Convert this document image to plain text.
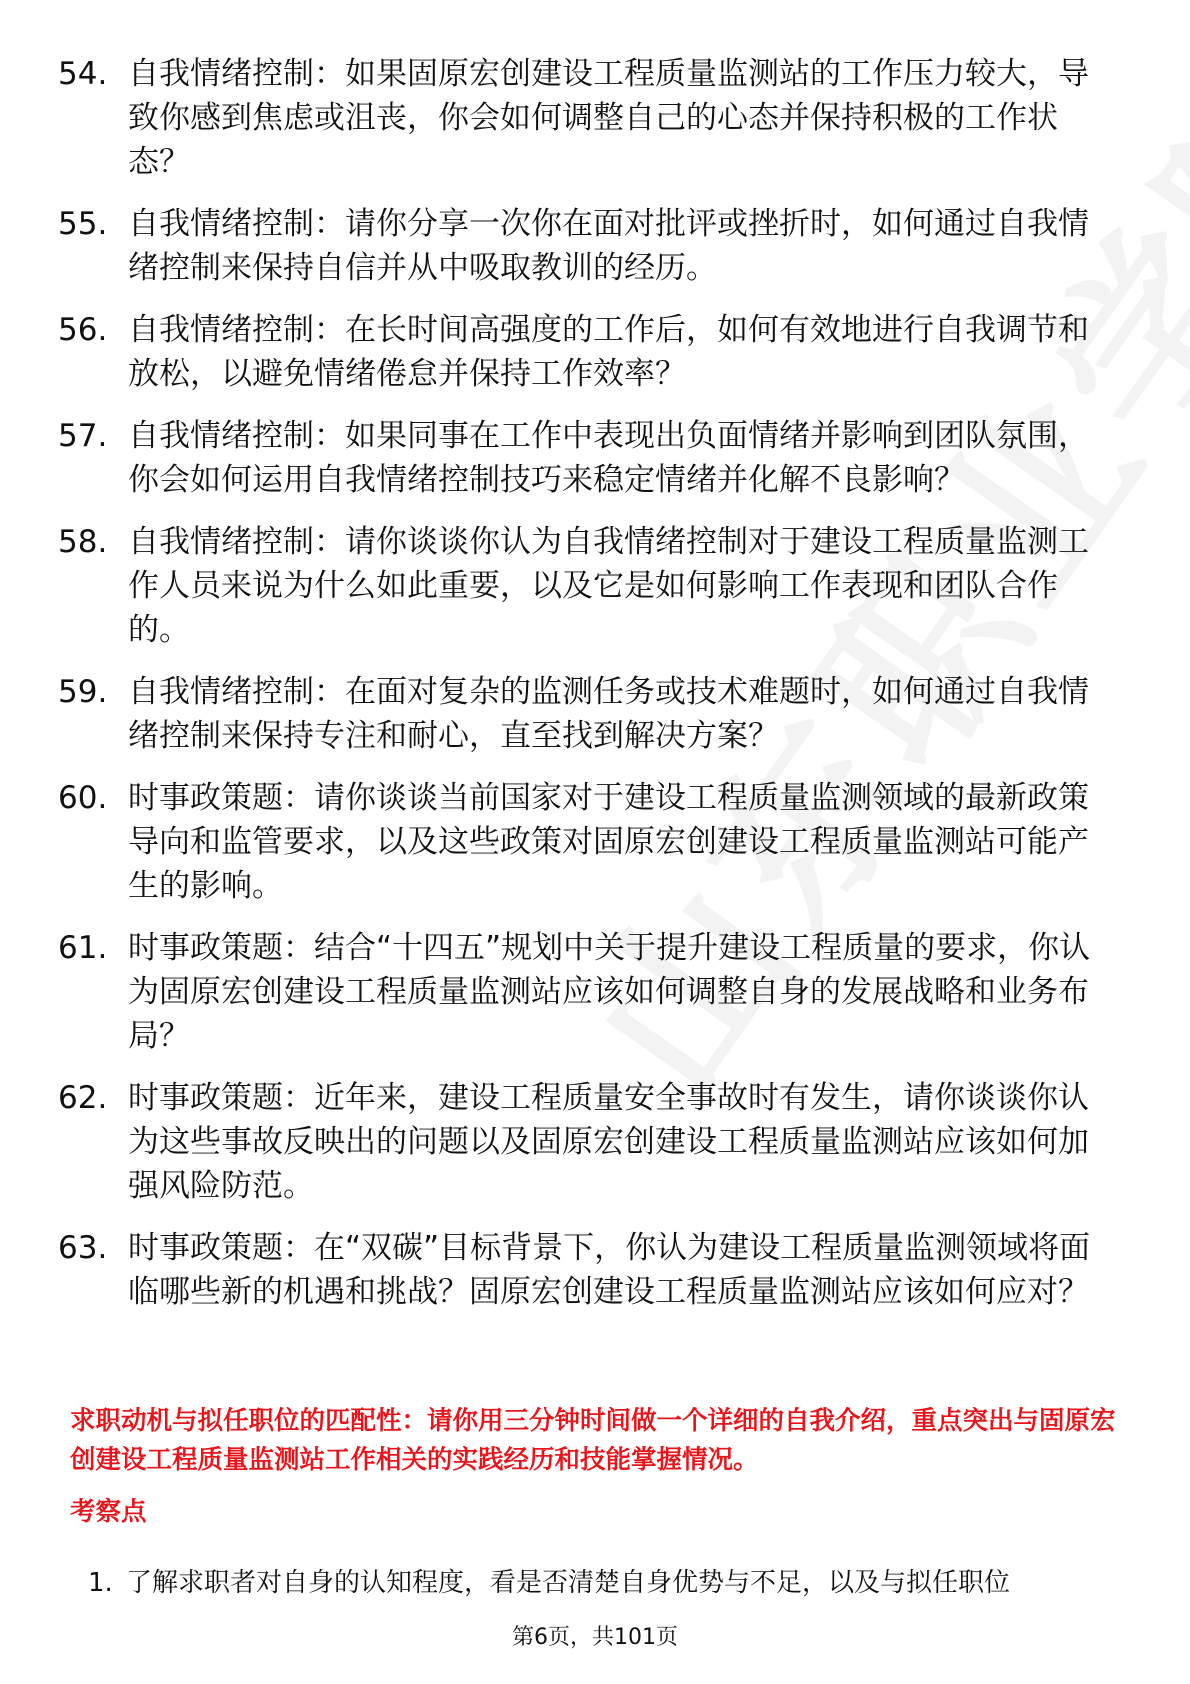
54. 自我情绪控制：如果固原宏创建设工程质量监测站的工作压力较大，导致你感到焦虑或沮丧，你会如何调整自己的心态并保持积极的工作状态？
55. 自我情绪控制：请你分享一次你在面对批评或挫折时，如何通过自我情绪控制来保持自信并从中吸取教训的经历。
56. 自我情绪控制：在长时间高强度的工作后，如何有效地进行自我调节和放松，以避免情绪倦怠并保持工作效率？
57. 自我情绪控制：如果同事在工作中表现出负面情绪并影响到团队氛围，你会如何运用自我情绪控制技巧来稳定情绪并化解不良影响？
58. 自我情绪控制：请你谈谈你认为自我情绪控制对于建设工程质量监测工作人员来说为什么如此重要，以及它是如何影响工作表现和团队合作的。
59. 自我情绪控制：在面对复杂的监测任务或技术难题时，如何通过自我情绪控制来保持专注和耐心，直至找到解决方案？
60. 时事政策题：请你谈谈当前国家对于建设工程质量监测领域的最新政策导向和监管要求，以及这些政策对固原宏创建设工程质量监测站可能产生的影响。
61. 时事政策题：结合“十四五”规划中关于提升建设工程质量的要求，你认为固原宏创建设工程质量监测站应该如何调整自身的发展战略和业务布局？
62. 时事政策题：近年来，建设工程质量安全事故时有发生，请你谈谈你认为这些事故反映出的问题以及固原宏创建设工程质量监测站应该如何加强风险防范。
63. 时事政策题：在“双碳”目标背景下，你认为建设工程质量监测领域将面临哪些新的机遇和挑战？固原宏创建设工程质量监测站应该如何应对？
求职动机与拟任职位的匹配性：请你用三分钟时间做一个详细的自我介绍，重点突出与固原宏创建设工程质量监测站工作相关的实践经历和技能掌握情况。
考察点
1. 了解求职者对自身的认知程度，看是否清楚自身优势与不足，以及与拟任职位
第6页，共101页
